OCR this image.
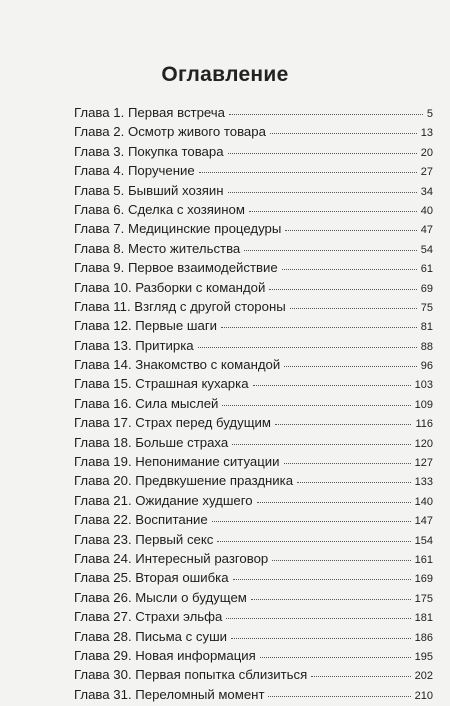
Оглавление
Глава 1. Первая встреча	5
Глава 2. Осмотр живого товара	13
Глава 3. Покупка товара	20
Глава 4. Поручение	27
Глава 5. Бывший хозяин	34
Глава 6. Сделка с хозяином	40
Глава 7. Медицинские процедуры	47
Глава 8. Место жительства	54
Глава 9. Первое взаимодействие	61
Глава 10. Разборки с командой	69
Глава 11. Взгляд с другой стороны	75
Глава 12. Первые шаги	81
Глава 13. Притирка	88
Глава 14. Знакомство с командой	96
Глава 15. Страшная кухарка	103
Глава 16. Сила мыслей	109
Глава 17. Страх перед будущим	116
Глава 18. Больше страха	120
Глава 19. Непонимание ситуации	127
Глава 20. Предвкушение праздника	133
Глава 21. Ожидание худшего	140
Глава 22. Воспитание	147
Глава 23. Первый секс	154
Глава 24. Интересный разговор	161
Глава 25. Вторая ошибка	169
Глава 26. Мысли о будущем	175
Глава 27. Страхи эльфа	181
Глава 28. Письма с суши	186
Глава 29. Новая информация	195
Глава 30. Первая попытка сблизиться	202
Глава 31. Переломный момент	210
